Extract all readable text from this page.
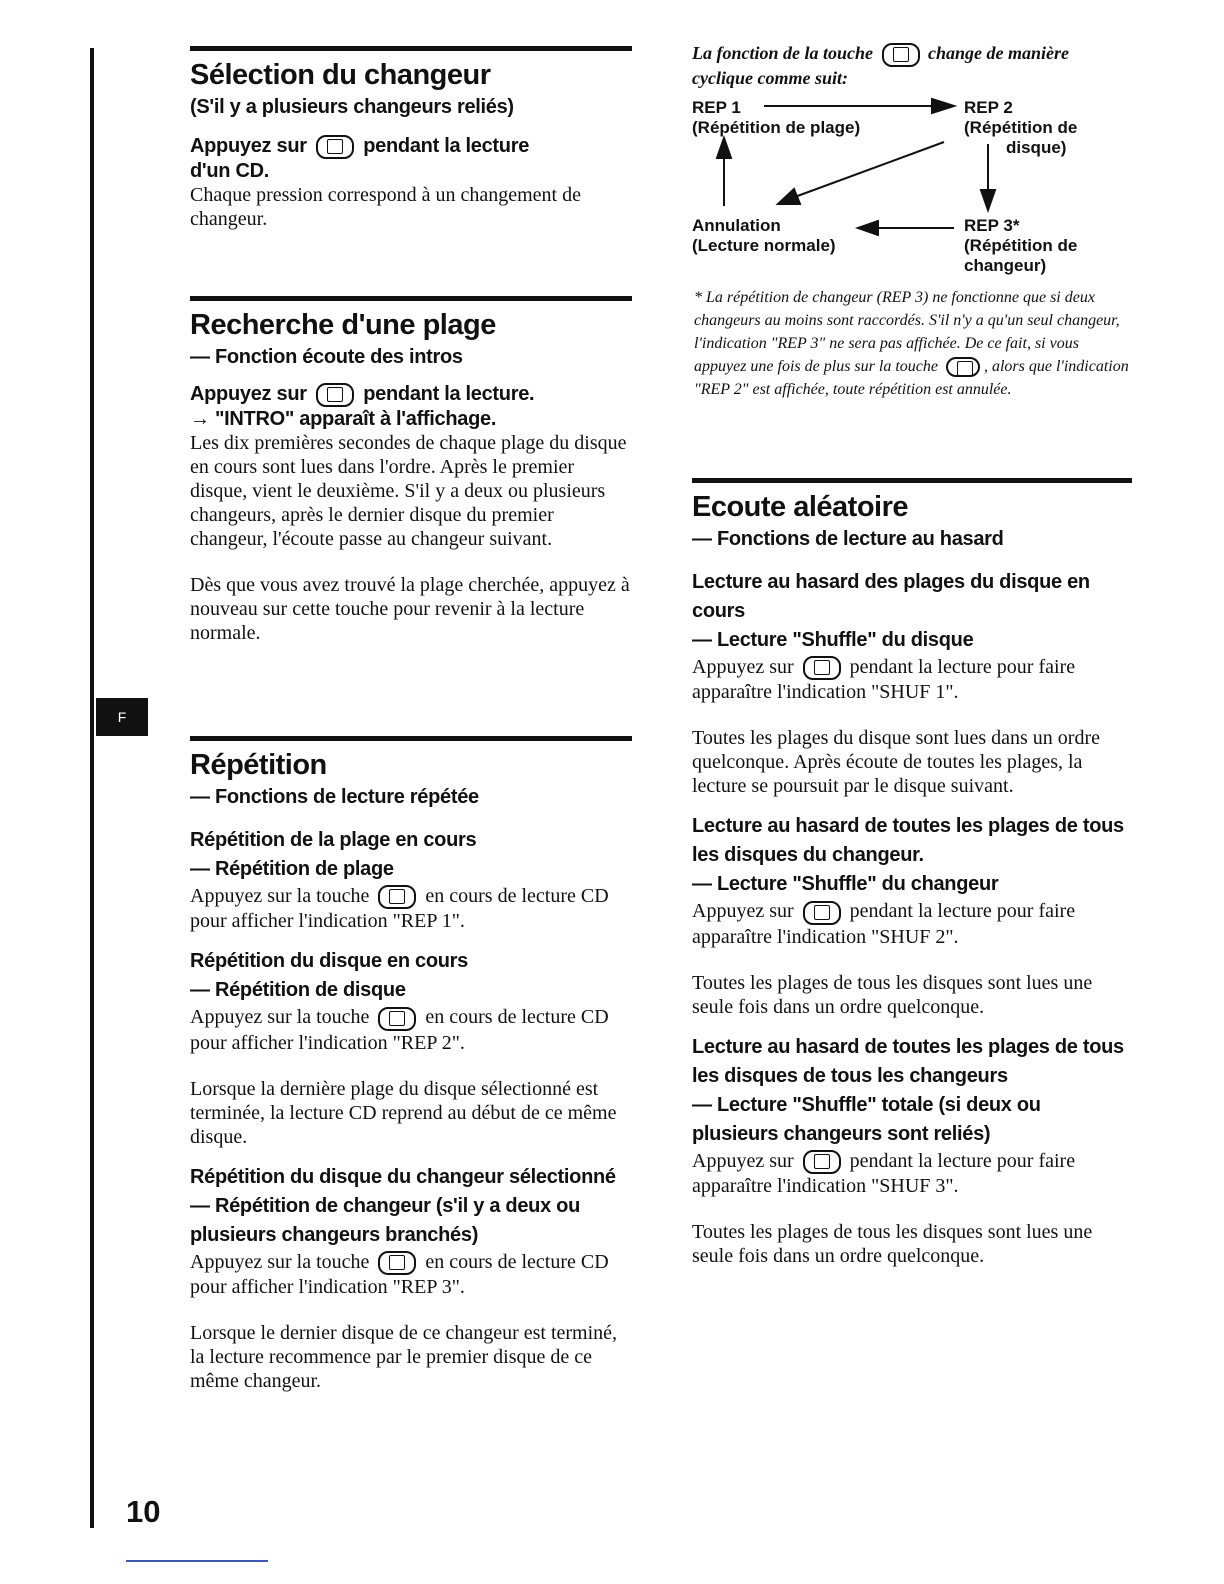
F
Sélection du changeur
(S'il y a plusieurs changeurs reliés)
Appuyez sur	pendant la lecture
d'un CD.

Chaque pression correspond à un changement de changeur.

Recherche d'une plage
— Fonction écoute des intros
Appuyez sur	pendant la lecture.
→ "INTRO" apparaît à l'affichage.

Les dix premières secondes de chaque plage du disque en cours sont lues dans l'ordre. Après le premier disque, vient le deuxième. S'il y a deux ou plusieurs changeurs, après le dernier disque du premier changeur, l'écoute passe au changeur suivant.

Dès que vous avez trouvé la plage cherchée, appuyez à nouveau sur cette touche pour revenir à la lecture normale.

Répétition
— Fonctions de lecture répétée
Répétition de la plage en cours
— Répétition de plage

Appuyez sur la touche	en cours de lecture CD pour afficher l'indication "REP 1".

Répétition du disque en cours
— Répétition de disque

Appuyez sur la touche	en cours de lecture CD pour afficher l'indication "REP 2".

Lorsque la dernière plage du disque sélectionné est terminée, la lecture CD reprend au début de ce même disque.

Répétition du disque du changeur sélectionné
— Répétition de changeur (s'il y a deux ou plusieurs changeurs branchés)

Appuyez sur la touche	en cours de lecture CD pour afficher l'indication "REP 3".

Lorsque le dernier disque de ce changeur est terminé, la lecture recommence par le premier disque de ce même changeur.

La fonction de la touche	change de manière cyclique comme suit:

REP 1
(Répétition de plage)
REP 2
(Répétition de
disque)
Annulation
(Lecture normale)
REP 3*
(Répétition de
changeur)

* La répétition de changeur (REP 3) ne fonctionne que si deux changeurs au moins sont raccordés. S'il n'y a qu'un seul changeur, l'indication "REP 3" ne sera pas affichée. De ce fait, si vous appuyez une fois de plus sur la touche	, alors que l'indication "REP 2" est affichée, toute répétition est annulée.

Ecoute aléatoire
— Fonctions de lecture au hasard
Lecture au hasard des plages du disque en cours
— Lecture "Shuffle" du disque

Appuyez sur	pendant la lecture pour faire apparaître l'indication "SHUF 1".

Toutes les plages du disque sont lues dans un ordre quelconque. Après écoute de toutes les plages, la lecture se poursuit par le disque suivant.

Lecture au hasard de toutes les plages de tous les disques du changeur.
— Lecture "Shuffle" du changeur

Appuyez sur	pendant la lecture pour faire apparaître l'indication "SHUF 2".

Toutes les plages de tous les disques sont lues une seule fois dans un ordre quelconque.

Lecture au hasard de toutes les plages de tous les disques de tous les changeurs
— Lecture "Shuffle" totale (si deux ou plusieurs changeurs sont reliés)

Appuyez sur	pendant la lecture pour faire apparaître l'indication "SHUF 3".

Toutes les plages de tous les disques sont lues une seule fois dans un ordre quelconque.

10
